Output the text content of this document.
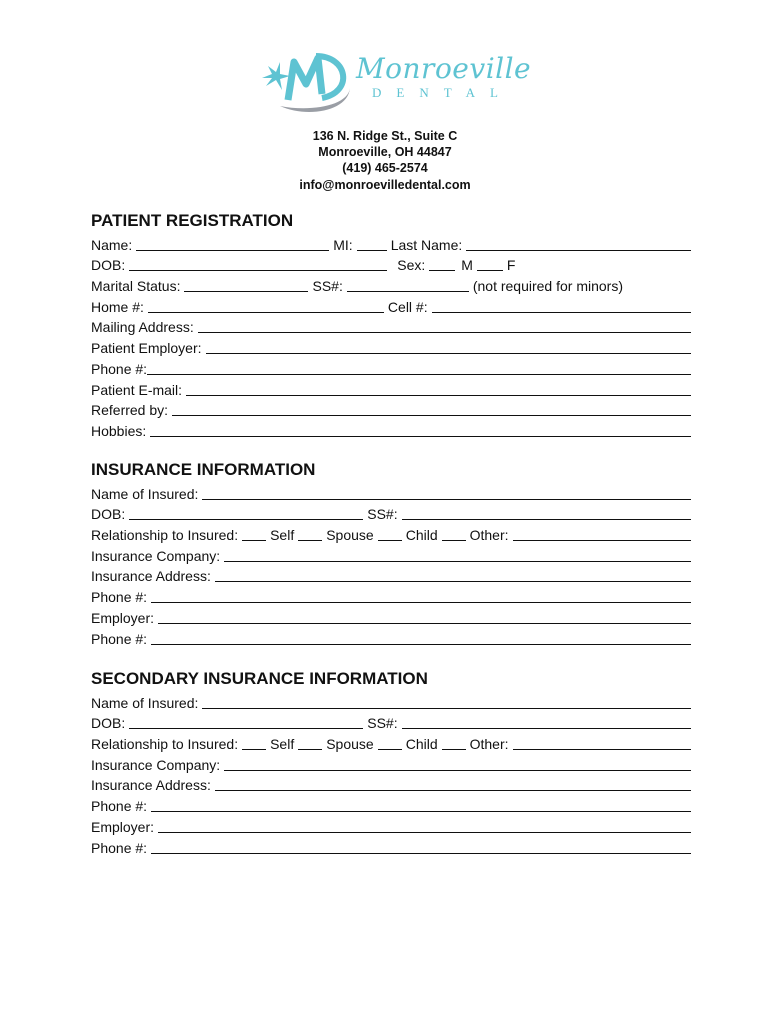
Monroeville
DENTAL
136 N. Ridge St., Suite C
Monroeville, OH 44847
(419) 465-2574
info@monroevilledental.com
PATIENT REGISTRATION
Name:	MI:	Last Name:
DOB:	Sex:	M F
Marital Status:	SS#:	(not required for minors)
Home #:	Cell #:
Mailing Address:
Patient Employer:
Phone #:
Patient E-mail:
Referred by:
Hobbies:
INSURANCE INFORMATION
Name of Insured:
DOB:	SS#:
Relationship to Insured: Self Spouse Child Other:
Insurance Company:
Insurance Address:
Phone #:
Employer:
Phone #:
SECONDARY INSURANCE INFORMATION
Name of Insured:
DOB:	SS#:
Relationship to Insured: Self Spouse Child Other:
Insurance Company:
Insurance Address:
Phone #:
Employer:
Phone #:
